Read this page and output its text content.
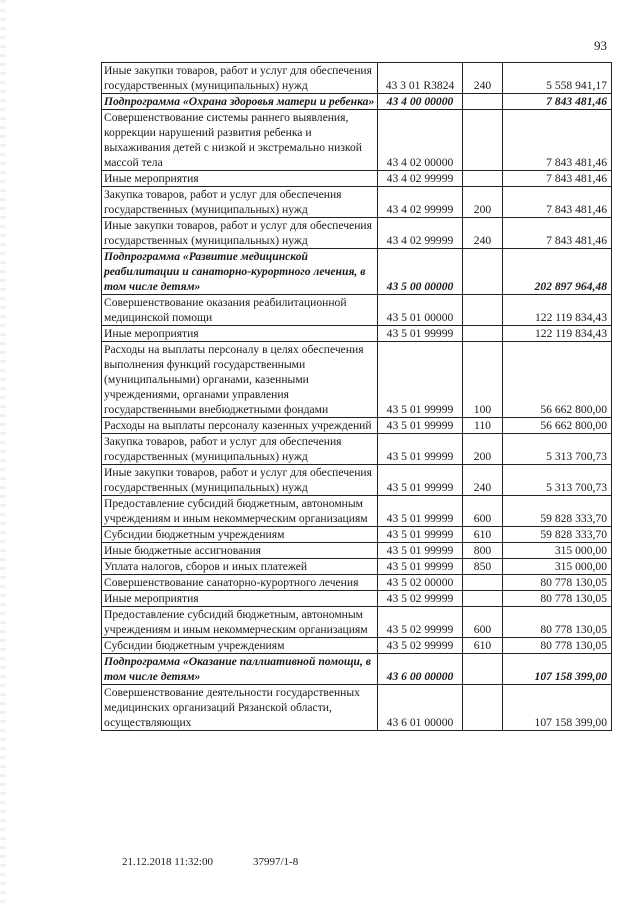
93
Иные закупки товаров, работ и услуг для обеспечения государственных (муниципальных) нужд	43 3 01 R3824	240	5 558 941,17
Подпрограмма «Охрана здоровья матери и ребенка»	43 4 00 00000		7 843 481,46
Совершенствование системы раннего выявления, коррекции нарушений развития ребенка и выхаживания детей с низкой и экстремально низкой массой тела	43 4 02 00000		7 843 481,46
Иные мероприятия	43 4 02 99999		7 843 481,46
Закупка товаров, работ и услуг для обеспечения государственных (муниципальных) нужд	43 4 02 99999	200	7 843 481,46
Иные закупки товаров, работ и услуг для обеспечения государственных (муниципальных) нужд	43 4 02 99999	240	7 843 481,46
Подпрограмма «Развитие медицинской реабилитации и санаторно-курортного лечения, в том числе детям»	43 5 00 00000		202 897 964,48
Совершенствование оказания реабилитационной медицинской помощи	43 5 01 00000		122 119 834,43
Иные мероприятия	43 5 01 99999		122 119 834,43
Расходы на выплаты персоналу в целях обеспечения выполнения функций государственными (муниципальными) органами, казенными учреждениями, органами управления государственными внебюджетными фондами	43 5 01 99999	100	56 662 800,00
Расходы на выплаты персоналу казенных учреждений	43 5 01 99999	110	56 662 800,00
Закупка товаров, работ и услуг для обеспечения государственных (муниципальных) нужд	43 5 01 99999	200	5 313 700,73
Иные закупки товаров, работ и услуг для обеспечения государственных (муниципальных) нужд	43 5 01 99999	240	5 313 700,73
Предоставление субсидий бюджетным, автономным учреждениям и иным некоммерческим организациям	43 5 01 99999	600	59 828 333,70
Субсидии бюджетным учреждениям	43 5 01 99999	610	59 828 333,70
Иные бюджетные ассигнования	43 5 01 99999	800	315 000,00
Уплата налогов, сборов и иных платежей	43 5 01 99999	850	315 000,00
Совершенствование санаторно-курортного лечения	43 5 02 00000		80 778 130,05
Иные мероприятия	43 5 02 99999		80 778 130,05
Предоставление субсидий бюджетным, автономным учреждениям и иным некоммерческим организациям	43 5 02 99999	600	80 778 130,05
Субсидии бюджетным учреждениям	43 5 02 99999	610	80 778 130,05
Подпрограмма «Оказание паллиативной помощи, в том числе детям»	43 6 00 00000		107 158 399,00
Совершенствование деятельности государственных медицинских организаций Рязанской области, осуществляющих	43 6 01 00000		107 158 399,00
21.12.2018 11:32:00	37997/1-8
